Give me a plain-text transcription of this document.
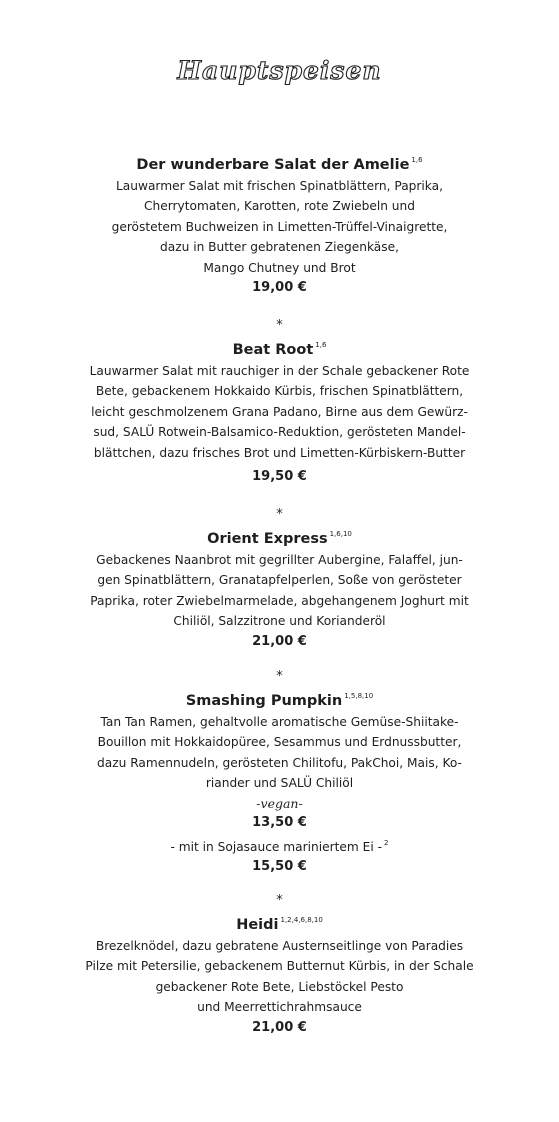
Hauptspeisen
Der wunderbare Salat der Amelie $^{1,6}$
Lauwarmer Salat mit frischen Spinatblättern, Paprika,
Cherrytomaten, Karotten, rote Zwiebeln und
geröstetem Buchweizen in Limetten-Trüffel-Vinaigrette,
dazu in Butter gebratenen Ziegenkäse,
Mango Chutney und Brot
19,00 €
*
Beat Root $^{1,6}$
Lauwarmer Salat mit rauchiger in der Schale gebackener Rote
Bete, gebackenem Hokkaido Kürbis, frischen Spinatblättern,
leicht geschmolzenem Grana Padano, Birne aus dem Gewürz-
sud, SALÜ Rotwein-Balsamico-Reduktion, gerösteten Mandel-
blättchen, dazu frisches Brot und Limetten-Kürbiskern-Butter
19,50 €
*
Orient Express $^{1,6,10}$
Gebackenes Naanbrot mit gegrillter Aubergine, Falaffel, jun-
gen Spinatblättern, Granatapfelperlen, Soße von gerösteter
Paprika, roter Zwiebelmarmelade, abgehangenem Joghurt mit
Chiliöl, Salzzitrone und Korianderöl
21,00 €
*
Smashing Pumpkin $^{1,5,8,10}$
Tan Tan Ramen, gehaltvolle aromatische Gemüse-Shiitake-
Bouillon mit Hokkaidopüree, Sesammus und Erdnussbutter,
dazu Ramennudeln, gerösteten Chilitofu, PakChoi, Mais, Ko-
riander und SALÜ Chiliöl
-vegan-
13,50 €
- mit in Sojasauce mariniertem Ei - $^2$
15,50 €
*
Heidi $^{1,2,4,6,8,10}$
Brezelknödel, dazu gebratene Austernseitlinge von Paradies
Pilze mit Petersilie, gebackenem Butternut Kürbis, in der Schale
gebackener Rote Bete, Liebstöckel Pesto
und Meerrettichrahmsauce
21,00 €
